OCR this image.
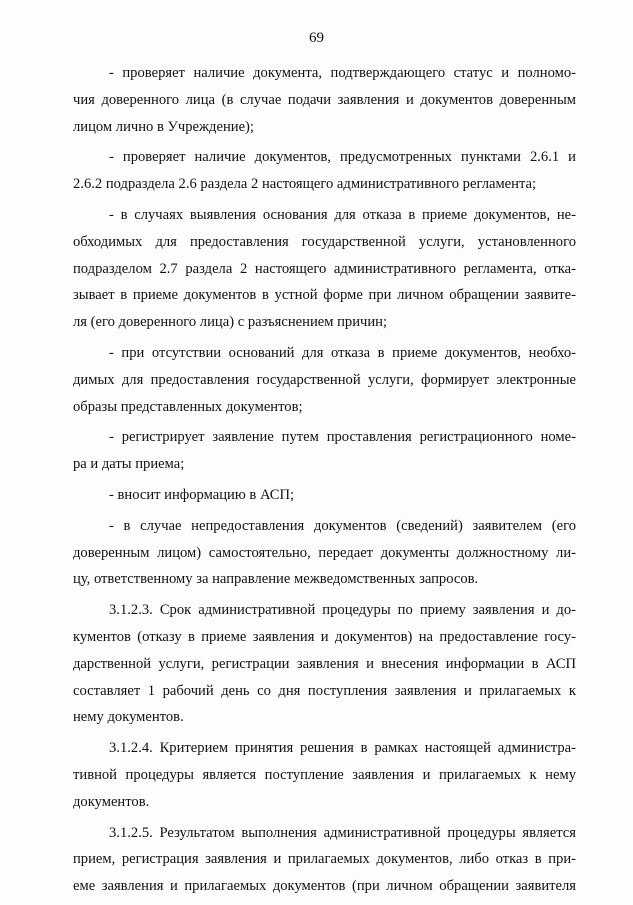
69
- проверяет наличие документа, подтверждающего статус и полномо-
чия доверенного лица (в случае подачи заявления и документов доверенным
лицом лично в Учреждение);
- проверяет наличие документов, предусмотренных пунктами 2.6.1 и
2.6.2 подраздела 2.6 раздела 2 настоящего административного регламента;
- в случаях выявления основания для отказа в приеме документов, не-
обходимых для предоставления государственной услуги, установленного
подразделом 2.7 раздела 2 настоящего административного регламента, отка-
зывает в приеме документов в устной форме при личном обращении заявите-
ля (его доверенного лица) с разъяснением причин;
- при отсутствии оснований для отказа в приеме документов, необхо-
димых для предоставления государственной услуги, формирует электронные
образы представленных документов;
- регистрирует заявление путем проставления регистрационного номе-
ра и даты приема;
- вносит информацию в АСП;
- в случае непредоставления документов (сведений) заявителем (его
доверенным лицом) самостоятельно, передает документы должностному ли-
цу, ответственному за направление межведомственных запросов.
3.1.2.3. Срок административной процедуры по приему заявления и до-
кументов (отказу в приеме заявления и документов) на предоставление госу-
дарственной услуги, регистрации заявления и внесения информации в АСП
составляет 1 рабочий день со дня поступления заявления и прилагаемых к
нему документов.
3.1.2.4. Критерием принятия решения в рамках настоящей администра-
тивной процедуры является поступление заявления и прилагаемых к нему
документов.
3.1.2.5. Результатом выполнения административной процедуры является
прием, регистрация заявления и прилагаемых документов, либо отказ в при-
еме заявления и прилагаемых документов (при личном обращении заявителя
